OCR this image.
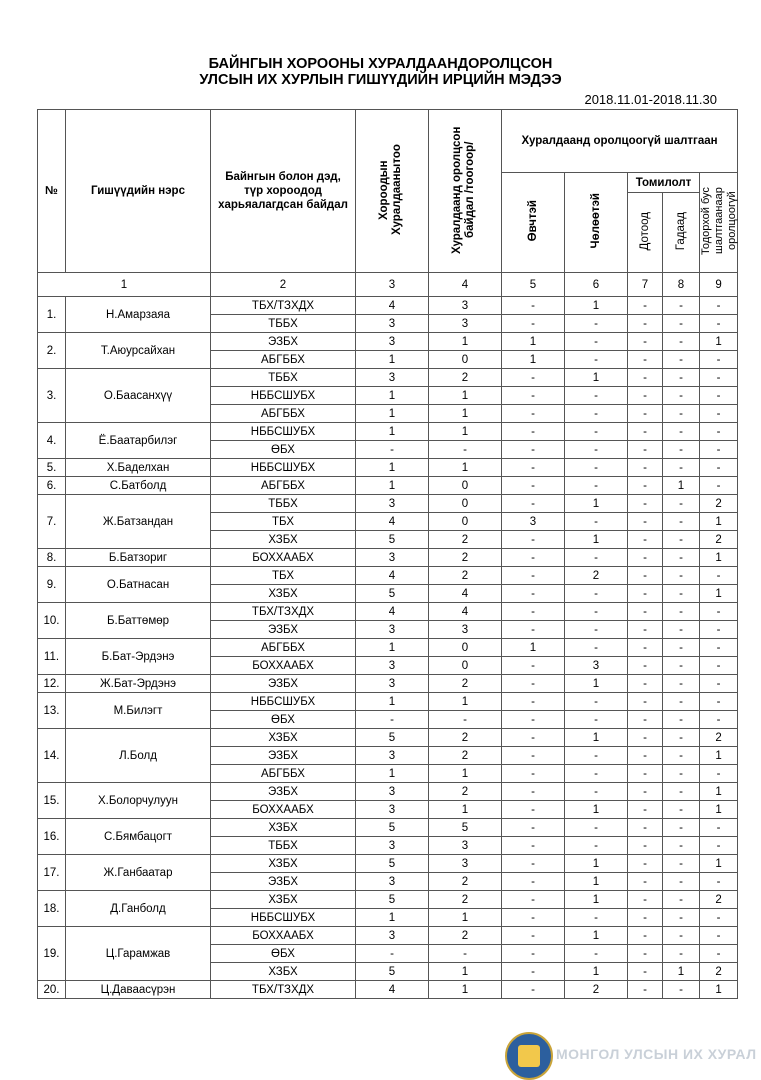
БАЙНГЫН ХОРООНЫ ХУРАЛДААНДОРОЛЦСОН
УЛСЫН ИХ ХУРЛЫН ГИШҮҮДИЙН ИРЦИЙН МЭДЭЭ
2018.11.01-2018.11.30
№	Гишүүдийн нэрс	Байнгын болон дэд, түр хороодод харьяалагдсан байдал	Хороодын Хуралдаанытоо	Хуралдаанд оролцсон байдал /тоогоор/	Хуралдаанд оролцоогүй шалтгаан				
					Өвчтэй	Чөлөөтэй	Томилолт		Тодорхой бус шалтгаанаар оролцоогүй
							Дотоод	Гадаад	
1		2	3	4	5	6	7	8	9
1.	Н.Амарзаяа	ТБХ/ТЗХДХ	4	3	-	1	-	-	-
		ТББХ	3	3	-	-	-	-	-
2.	Т.Аюурсайхан	ЭЗБХ	3	1	1	-	-	-	1
		АБГББХ	1	0	1	-	-	-	-
3.	О.Баасанхүү	ТББХ	3	2	-	1	-	-	-
		НББСШУБХ	1	1	-	-	-	-	-
		АБГББХ	1	1	-	-	-	-	-
4.	Ё.Баатарбилэг	НББСШУБХ	1	1	-	-	-	-	-
		ӨБХ	-	-	-	-	-	-	-
5.	Х.Баделхан	НББСШУБХ	1	1	-	-	-	-	-
6.	С.Батболд	АБГББХ	1	0	-	-	-	1	-
7.	Ж.Батзандан	ТББХ	3	0	-	1	-	-	2
		ТБХ	4	0	3	-	-	-	1
		ХЗБХ	5	2	-	1	-	-	2
8.	Б.Батзориг	БОХХААБХ	3	2	-	-	-	-	1
9.	О.Батнасан	ТБХ	4	2	-	2	-	-	-
		ХЗБХ	5	4	-	-	-	-	1
10.	Б.Баттөмөр	ТБХ/ТЗХДХ	4	4	-	-	-	-	-
		ЭЗБХ	3	3	-	-	-	-	-
11.	Б.Бат-Эрдэнэ	АБГББХ	1	0	1	-	-	-	-
		БОХХААБХ	3	0	-	3	-	-	-
12.	Ж.Бат-Эрдэнэ	ЭЗБХ	3	2	-	1	-	-	-
13.	М.Билэгт	НББСШУБХ	1	1	-	-	-	-	-
		ӨБХ	-	-	-	-	-	-	-
14.	Л.Болд	ХЗБХ	5	2	-	1	-	-	2
		ЭЗБХ	3	2	-	-	-	-	1
		АБГББХ	1	1	-	-	-	-	-
15.	Х.Болорчулуун	ЭЗБХ	3	2	-	-	-	-	1
		БОХХААБХ	3	1	-	1	-	-	1
16.	С.Бямбацогт	ХЗБХ	5	5	-	-	-	-	-
		ТББХ	3	3	-	-	-	-	-
17.	Ж.Ганбаатар	ХЗБХ	5	3	-	1	-	-	1
		ЭЗБХ	3	2	-	1	-	-	-
18.	Д.Ганболд	ХЗБХ	5	2	-	1	-	-	2
		НББСШУБХ	1	1	-	-	-	-	-
19.	Ц.Гарамжав	БОХХААБХ	3	2	-	1	-	-	-
		ӨБХ	-	-	-	-	-	-	-
		ХЗБХ	5	1	-	1	-	1	2
20.	Ц.Даваасүрэн	ТБХ/ТЗХДХ	4	1	-	2	-	-	1
МОНГОЛ УЛСЫН ИХ ХУРАЛ
